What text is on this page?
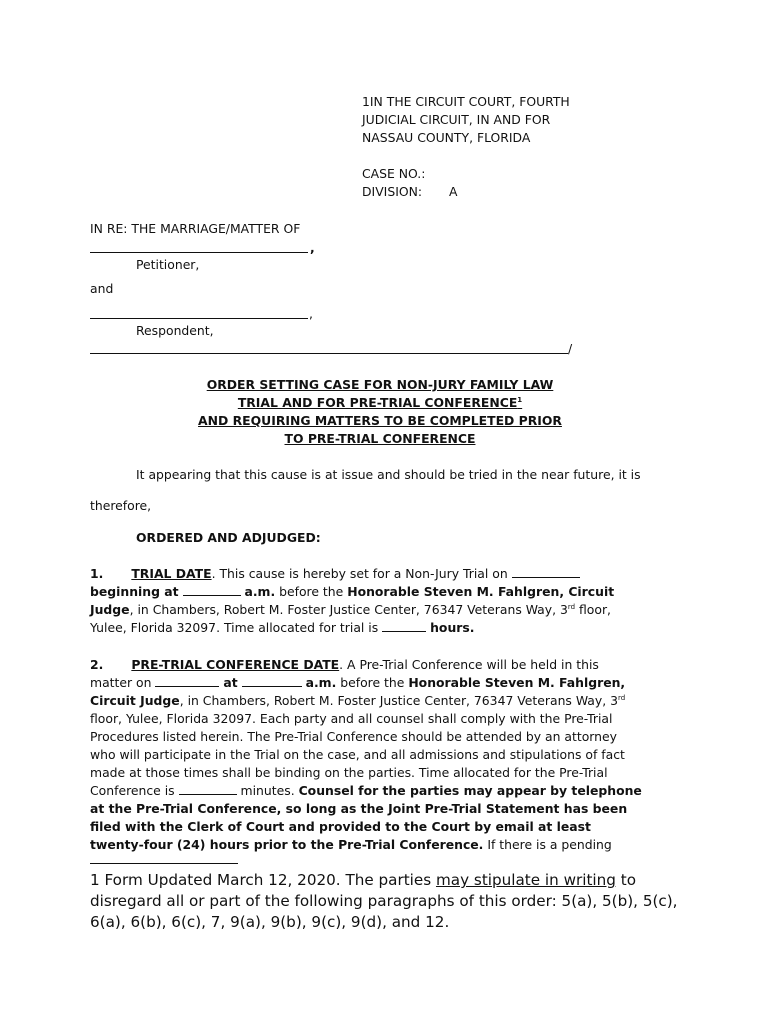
1IN THE CIRCUIT COURT, FOURTH
JUDICIAL CIRCUIT, IN AND FOR
NASSAU COUNTY, FLORIDA
CASE NO.:
DIVISION: A
IN RE: THE MARRIAGE/MATTER OF
,
Petitioner,
and
,
Respondent,
/
ORDER SETTING CASE FOR NON-JURY FAMILY LAW
TRIAL AND FOR PRE-TRIAL CONFERENCE$^1$
AND REQUIRING MATTERS TO BE COMPLETED PRIOR
TO PRE-TRIAL CONFERENCE
It appearing that this cause is at issue and should be tried in the near future, it is
therefore,
ORDERED AND ADJUDGED:
1. TRIAL DATE. This cause is hereby set for a Non-Jury Trial on
beginning at	a.m. before the Honorable Steven M. Fahlgren, Circuit
Judge, in Chambers, Robert M. Foster Justice Center, 76347 Veterans Way, 3rd floor,
Yulee, Florida 32097. Time allocated for trial is	hours.
2. PRE-TRIAL CONFERENCE DATE. A Pre-Trial Conference will be held in this
matter on	at	a.m. before the Honorable Steven M. Fahlgren,
Circuit Judge, in Chambers, Robert M. Foster Justice Center, 76347 Veterans Way, 3rd
floor, Yulee, Florida 32097. Each party and all counsel shall comply with the Pre-Trial
Procedures listed herein. The Pre-Trial Conference should be attended by an attorney
who will participate in the Trial on the case, and all admissions and stipulations of fact
made at those times shall be binding on the parties. Time allocated for the Pre-Trial
Conference is	minutes. Counsel for the parties may appear by telephone
at the Pre-Trial Conference, so long as the Joint Pre-Trial Statement has been
filed with the Clerk of Court and provided to the Court by email at least
twenty-four (24) hours prior to the Pre-Trial Conference. If there is a pending
1 Form Updated March 12, 2020. The parties may stipulate in writing to disregard all or part of the following paragraphs of this order: 5(a), 5(b), 5(c), 6(a), 6(b), 6(c), 7, 9(a), 9(b), 9(c), 9(d), and 12.
